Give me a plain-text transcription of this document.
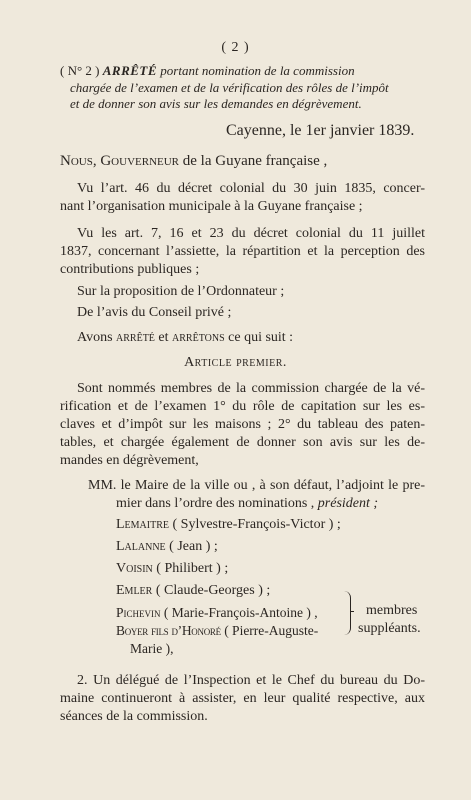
( 2 )

( N° 2 ) ARRÊTÉ portant nomination de la commission

chargée de l’examen et de la vérification des rôles de l’impôt

et de donner son avis sur les demandes en dégrèvement.

Cayenne, le 1er janvier 1839.

Nous, Gouverneur de la Guyane française ,

Vu l’art. 46 du décret colonial du 30 juin 1835, concer-

nant l’organisation municipale à la Guyane française ;

Vu les art. 7, 16 et 23 du décret colonial du 11 juillet

1837, concernant l’assiette, la répartition et la perception des

contributions publiques ;

Sur la proposition de l’Ordonnateur ;

De l’avis du Conseil privé ;

Avons arrêté et arrêtons ce qui suit :

Article premier.

Sont nommés membres de la commission chargée de la vé-

rification et de l’examen 1° du rôle de capitation sur les es-

claves et d’impôt sur les maisons ; 2° du tableau des paten-

tables, et chargée également de donner son avis sur les de-

mandes en dégrèvement,

MM. le Maire de la ville ou , à son défaut, l’adjoint le pre-

mier dans l’ordre des nominations , président ;

Lemaitre ( Sylvestre-François-Victor ) ;

Lalanne ( Jean ) ;

Voisin ( Philibert ) ;

Emler ( Claude-Georges ) ;

Pichevin ( Marie-François-Antoine ) ,

Boyer fils d’Honoré ( Pierre-Auguste-

Marie ),

membres

suppléants.

2. Un délégué de l’Inspection et le Chef du bureau du Do-

maine continueront à assister, en leur qualité respective, aux

séances de la commission.
